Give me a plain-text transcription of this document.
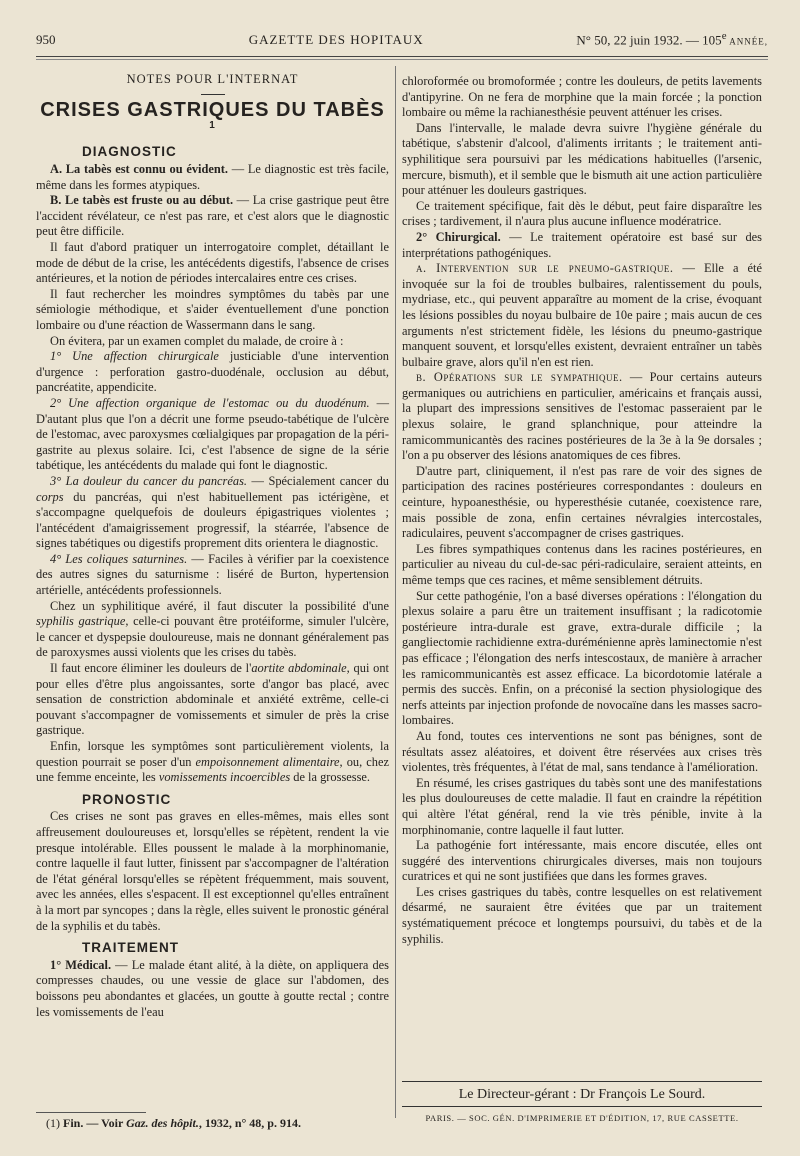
950	GAZETTE DES HOPITAUX	N° 50, 22 juin 1932. — 105e ANNÉE,
NOTES POUR L'INTERNAT
CRISES GASTRIQUES DU TABÈS $^1$
DIAGNOSTIC

A. La tabès est connu ou évident. — Le diagnostic est très facile, même dans les formes atypiques.

B. Le tabès est fruste ou au début. — La crise gastrique peut être l'accident révélateur, ce n'est pas rare, et c'est alors que le diagnostic peut être difficile.

Il faut d'abord pratiquer un interrogatoire complet, détaillant le mode de début de la crise, les antécédents digestifs, l'absence de crises antérieures, et la notion de périodes intercalaires entre ces crises.

Il faut rechercher les moindres symptômes du tabès par une sémiologie méthodique, et s'aider éventuellement d'une ponction lombaire ou d'une réaction de Wassermann dans le sang.

On évitera, par un examen complet du malade, de croire à :

1° Une affection chirurgicale justiciable d'une intervention d'urgence : perforation gastro-duodénale, occlusion au début, pancréatite, appendicite.

2° Une affection organique de l'estomac ou du duodénum. — D'autant plus que l'on a décrit une forme pseudo-tabétique de l'ulcère de l'estomac, avec paroxysmes cœlialgiques par propagation de la péri-gastrite au plexus solaire. Ici, c'est l'absence de signe de la série tabétique, les antécédents du malade qui font le diagnostic.

3° La douleur du cancer du pancréas. — Spécialement cancer du corps du pancréas, qui n'est habituellement pas ictérigène, et s'accompagne quelquefois de douleurs épigastriques violentes ; l'antécédent d'amaigrissement progressif, la stéarrée, l'absence de signes tabétiques ou digestifs proprement dits orientera le diagnostic.

4° Les coliques saturnines. — Faciles à vérifier par la coexistence des autres signes du saturnisme : liséré de Burton, hypertension artérielle, antécédents professionnels.

Chez un syphilitique avéré, il faut discuter la possibilité d'une syphilis gastrique, celle-ci pouvant être protéiforme, simuler l'ulcère, le cancer et dyspepsie douloureuse, mais ne donnant généralement pas de paroxysmes aussi violents que les crises du tabès.

Il faut encore éliminer les douleurs de l'aortite abdominale, qui ont pour elles d'être plus angoissantes, sorte d'angor bas placé, avec sensation de constriction abdominale et anxiété extrême, celle-ci pouvant s'accompagner de vomissements et simuler de près la crise gastrique.

Enfin, lorsque les symptômes sont particulièrement violents, la question pourrait se poser d'un empoisonnement alimentaire, ou, chez une femme enceinte, les vomissements incoercibles de la grossesse.

PRONOSTIC

Ces crises ne sont pas graves en elles-mêmes, mais elles sont affreusement douloureuses et, lorsqu'elles se répètent, rendent la vie presque intolérable. Elles poussent le malade à la morphinomanie, contre laquelle il faut lutter, finissent par s'accompagner de l'altération de l'état général lorsqu'elles se répètent fréquemment, mais souvent, avec les années, elles s'espacent. Il est exceptionnel qu'elles entraînent à la mort par syncopes ; dans la règle, elles suivent le pronostic général de la syphilis et du tabès.

TRAITEMENT

1° Médical. — Le malade étant alité, à la diète, on appliquera des compresses chaudes, ou une vessie de glace sur l'abdomen, des boissons peu abondantes et glacées, un goutte à goutte rectal ; contre les vomissements de l'eau

chloroformée ou bromoformée ; contre les douleurs, de petits lavements d'antipyrine. On ne fera de morphine que la main forcée ; la ponction lombaire ou même la rachianesthésie peuvent atténuer les crises.

Dans l'intervalle, le malade devra suivre l'hygiène générale du tabétique, s'abstenir d'alcool, d'aliments irritants ; le traitement anti-syphilitique sera poursuivi par les médications habituelles (l'arsenic, mercure, bismuth), et il semble que le bismuth ait une action particulière pour atténuer les douleurs gastriques.

Ce traitement spécifique, fait dès le début, peut faire disparaître les crises ; tardivement, il n'aura plus aucune influence modératrice.

2° Chirurgical. — Le traitement opératoire est basé sur des interprétations pathogéniques.

a. Intervention sur le pneumo-gastrique. — Elle a été invoquée sur la foi de troubles bulbaires, ralentissement du pouls, mydriase, etc., qui peuvent apparaître au moment de la crise, évoquant les lésions possibles du noyau bulbaire de 10e paire ; mais aucun de ces arguments n'est strictement fidèle, les lésions du pneumo-gastrique manquent souvent, et lorsqu'elles existent, devraient entraîner un tabès bulbaire grave, alors qu'il n'en est rien.

b. Opérations sur le sympathique. — Pour certains auteurs germaniques ou autrichiens en particulier, américains et français aussi, la plupart des impressions sensitives de l'estomac passeraient par le plexus solaire, le grand splanchnique, pour atteindre la ramicommunicantès des racines postérieures de la 3e à la 9e dorsales ; l'on a pu observer des lésions anatomiques de ces fibres.

D'autre part, cliniquement, il n'est pas rare de voir des signes de participation des racines postérieures correspondantes : douleurs en ceinture, hypoanesthésie, ou hyperesthésie cutanée, coexistence rare, mais possible de zona, enfin certaines névralgies intercostales, radiculaires, peuvent s'accompagner de crises gastriques.

Les fibres sympathiques contenus dans les racines postérieures, en particulier au niveau du cul-de-sac péri-radiculaire, seraient atteints, en même temps que ces racines, et même sensiblement détruits.

Sur cette pathogénie, l'on a basé diverses opérations : l'élongation du plexus solaire a paru être un traitement insuffisant ; la radicotomie postérieure intra-durale est grave, extra-durale difficile ; la gangliectomie rachidienne extra-duréménienne après laminectomie n'est pas efficace ; l'élongation des nerfs intescostaux, de manière à arracher les ramicommunicantès est assez efficace. La bicordotomie latérale a permis des succès. Enfin, on a préconisé la section physiologique des nerfs atteints par injection profonde de novocaïne dans les masses sacro-lombaires.

Au fond, toutes ces interventions ne sont pas bénignes, sont de résultats assez aléatoires, et doivent être réservées aux crises très violentes, très fréquentes, à l'état de mal, sans tendance à l'amélioration.

En résumé, les crises gastriques du tabès sont une des manifestations les plus douloureuses de cette maladie. Il faut en craindre la répétition qui altère l'état général, rend la vie très pénible, invite à la morphinomanie, contre laquelle il faut lutter.

La pathogénie fort intéressante, mais encore discutée, elles ont suggéré des interventions chirurgicales diverses, mais non toujours curatrices et qui ne sont justifiées que dans les formes graves.

Les crises gastriques du tabès, contre lesquelles on est relativement désarmé, ne sauraient être évitées que par un traitement systématiquement précoce et longtemps poursuivi, du tabès et de la syphilis.

(1) Fin. — Voir Gaz. des hôpit., 1932, n° 48, p. 914.
Le Directeur-gérant : Dr François Le Sourd.
PARIS. — SOC. GÉN. D'IMPRIMERIE ET D'ÉDITION, 17, RUE CASSETTE.
